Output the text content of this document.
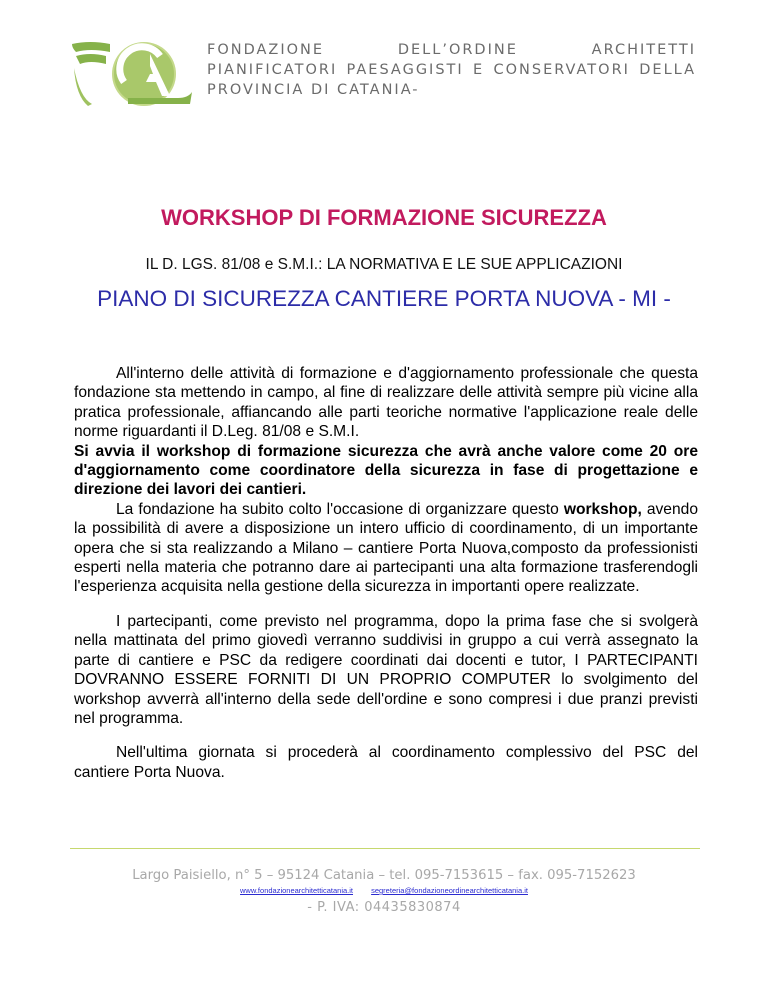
FONDAZIONE DELL’ORDINE ARCHITETTI PIANIFICATORI PAESAGGISTI E CONSERVATORI DELLA PROVINCIA DI CATANIA-
WORKSHOP DI FORMAZIONE SICUREZZA
IL D. LGS. 81/08 e S.M.I.: LA NORMATIVA E LE SUE APPLICAZIONI
PIANO DI SICUREZZA CANTIERE PORTA NUOVA - MI -

All'interno delle attività di formazione e d'aggiornamento professionale che questa fondazione sta mettendo in campo, al fine di realizzare delle attività sempre più vicine alla pratica professionale, affiancando alle parti teoriche normative l'applicazione reale delle norme riguardanti il D.Leg. 81/08 e S.M.I.

Si avvia il workshop di formazione sicurezza che avrà anche valore come 20 ore d'aggiornamento come coordinatore della sicurezza in fase di progettazione e direzione dei lavori dei cantieri.

La fondazione ha subito colto l'occasione di organizzare questo workshop, avendo la possibilità di avere a disposizione un intero ufficio di coordinamento, di un importante opera che si sta realizzando a Milano – cantiere Porta Nuova,composto da professionisti esperti nella materia che potranno dare ai partecipanti una alta formazione trasferendogli l'esperienza acquisita nella gestione della sicurezza in importanti opere realizzate.

I partecipanti, come previsto nel programma, dopo la prima fase che si svolgerà nella mattinata del primo giovedì verranno suddivisi in gruppo a cui verrà assegnato la parte di cantiere e PSC da redigere coordinati dai docenti e tutor, I PARTECIPANTI DOVRANNO ESSERE FORNITI DI UN PROPRIO COMPUTER lo svolgimento del workshop avverrà all'interno della sede dell'ordine e sono compresi i due pranzi previsti nel programma.

Nell'ultima giornata si procederà al coordinamento complessivo del PSC del cantiere Porta Nuova.

Largo Paisiello, n° 5 – 95124 Catania – tel. 095-7153615 – fax. 095-7152623
www.fondazionearchitetticatania.it segreteria@fondazioneordinearchitetticatania.it
- P. IVA: 04435830874
